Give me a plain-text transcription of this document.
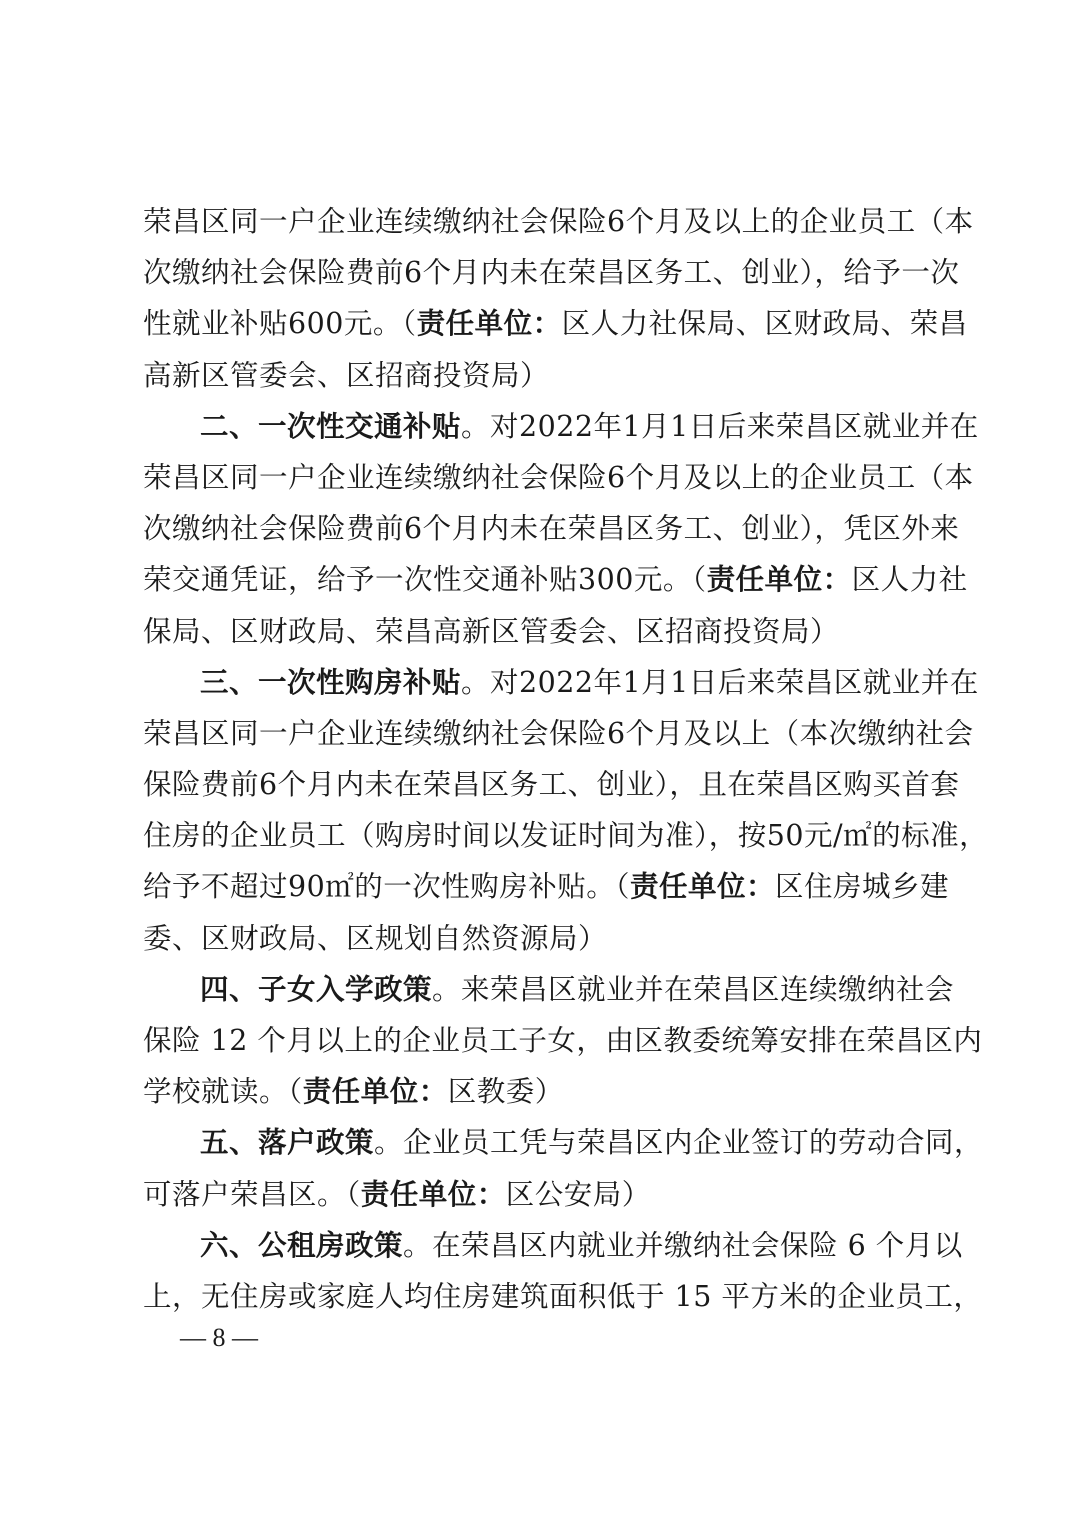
荣昌区同一户企业连续缴纳社会保险6个月及以上的企业员工（本
次缴纳社会保险费前6个月内未在荣昌区务工、创业），给予一次
性就业补贴600元。（责任单位：区人力社保局、区财政局、荣昌
高新区管委会、区招商投资局）
二、一次性交通补贴。对2022年1月1日后来荣昌区就业并在
荣昌区同一户企业连续缴纳社会保险6个月及以上的企业员工（本
次缴纳社会保险费前6个月内未在荣昌区务工、创业），凭区外来
荣交通凭证，给予一次性交通补贴300元。（责任单位：区人力社
保局、区财政局、荣昌高新区管委会、区招商投资局）
三、一次性购房补贴。对2022年1月1日后来荣昌区就业并在
荣昌区同一户企业连续缴纳社会保险6个月及以上（本次缴纳社会
保险费前6个月内未在荣昌区务工、创业），且在荣昌区购买首套
住房的企业员工（购房时间以发证时间为准），按50元/㎡的标准，
给予不超过90㎡的一次性购房补贴。（责任单位：区住房城乡建
委、区财政局、区规划自然资源局）
四、子女入学政策。来荣昌区就业并在荣昌区连续缴纳社会
保险 12 个月以上的企业员工子女，由区教委统筹安排在荣昌区内
学校就读。（责任单位：区教委）
五、落户政策。企业员工凭与荣昌区内企业签订的劳动合同，
可落户荣昌区。（责任单位：区公安局）
六、公租房政策。在荣昌区内就业并缴纳社会保险 6 个月以
上，无住房或家庭人均住房建筑面积低于 15 平方米的企业员工，
— 8 —
